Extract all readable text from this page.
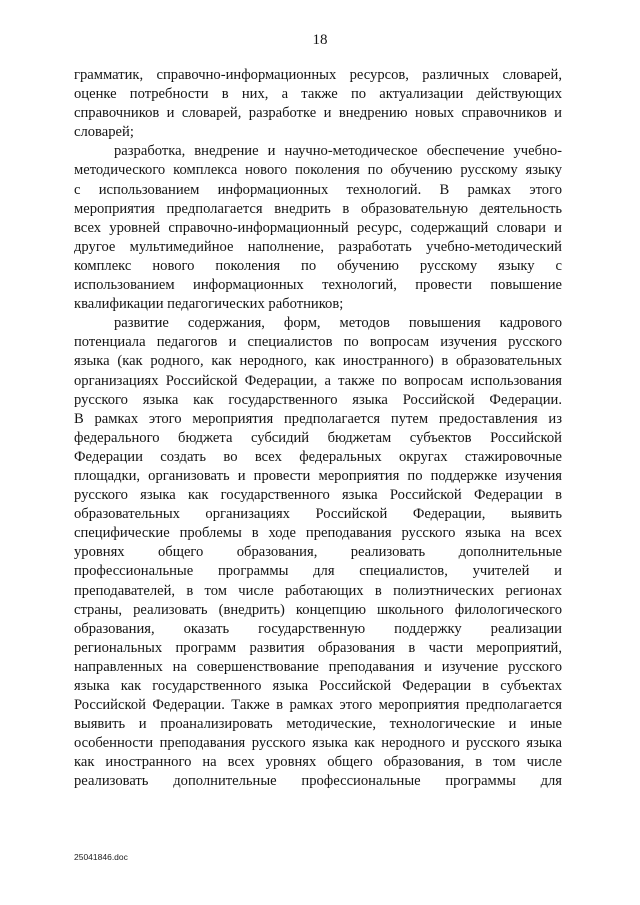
18
грамматик, справочно-информационных ресурсов, различных словарей,
оценке потребности в них, а также по актуализации действующих
справочников и словарей, разработке и внедрению новых справочников и
словарей;
разработка, внедрение и научно-методическое обеспечение учебно-
методического комплекса нового поколения по обучению русскому языку
с использованием информационных технологий. В рамках этого
мероприятия предполагается внедрить в образовательную деятельность
всех уровней справочно-информационный ресурс, содержащий словари и
другое мультимедийное наполнение, разработать учебно-методический
комплекс нового поколения по обучению русскому языку с
использованием информационных технологий, провести повышение
квалификации педагогических работников;
развитие содержания, форм, методов повышения кадрового
потенциала педагогов и специалистов по вопросам изучения русского
языка (как родного, как неродного, как иностранного) в образовательных
организациях Российской Федерации, а также по вопросам использования
русского языка как государственного языка Российской Федерации.
В рамках этого мероприятия предполагается путем предоставления из
федерального бюджета субсидий бюджетам субъектов Российской
Федерации создать во всех федеральных округах стажировочные
площадки, организовать и провести мероприятия по поддержке изучения
русского языка как государственного языка Российской Федерации в
образовательных организациях Российской Федерации, выявить
специфические проблемы в ходе преподавания русского языка на всех
уровнях общего образования, реализовать дополнительные
профессиональные программы для специалистов, учителей и
преподавателей, в том числе работающих в полиэтнических регионах
страны, реализовать (внедрить) концепцию школьного филологического
образования, оказать государственную поддержку реализации
региональных программ развития образования в части мероприятий,
направленных на совершенствование преподавания и изучение русского
языка как государственного языка Российской Федерации в субъектах
Российской Федерации. Также в рамках этого мероприятия предполагается
выявить и проанализировать методические, технологические и иные
особенности преподавания русского языка как неродного и русского языка
как иностранного на всех уровнях общего образования, в том числе
реализовать дополнительные профессиональные программы для
25041846.doc
